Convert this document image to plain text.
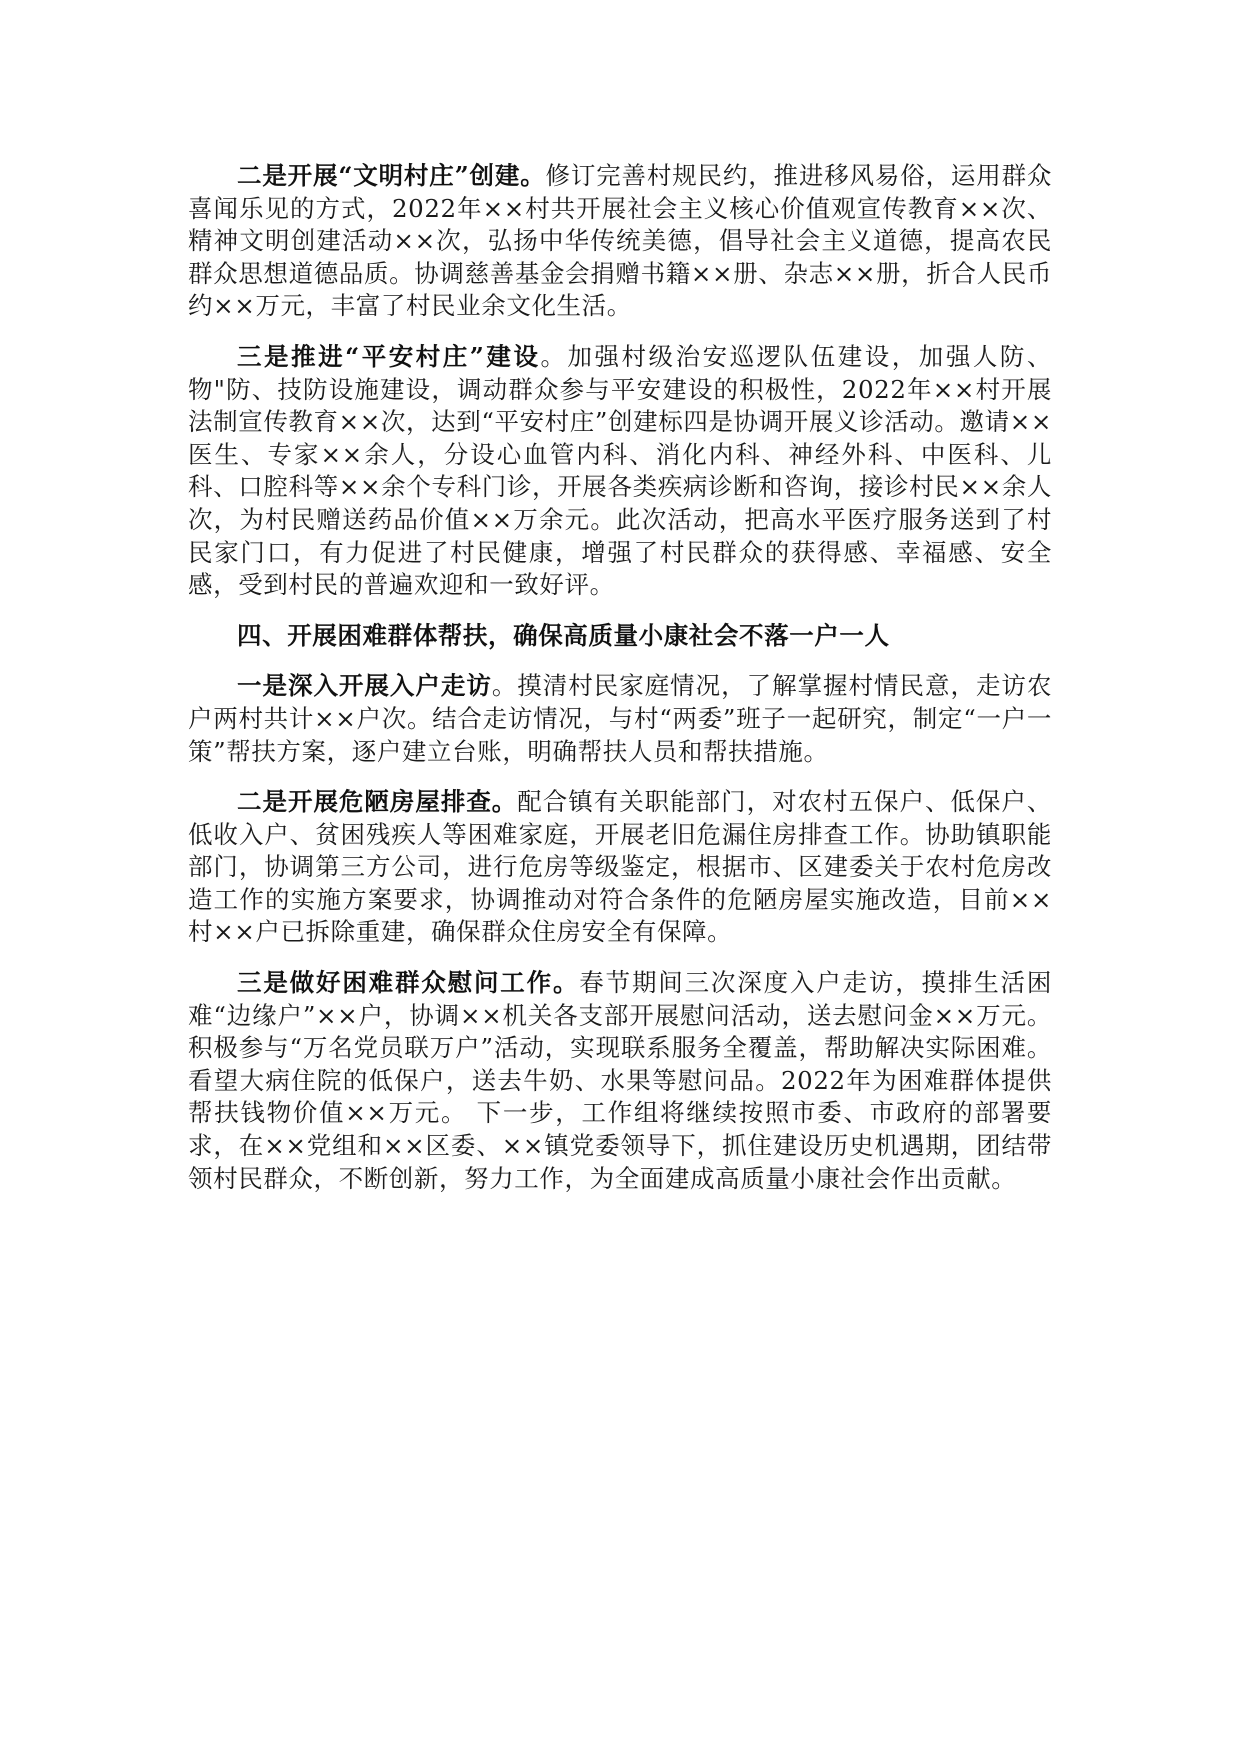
二是开展“文明村庄”创建。修订完善村规民约，推进移风易俗，运用群众喜闻乐见的方式，2022年××村共开展社会主义核心价值观宣传教育××次、精神文明创建活动××次，弘扬中华传统美德，倡导社会主义道德，提高农民群众思想道德品质。协调慈善基金会捐赠书籍××册、杂志××册，折合人民币约××万元，丰富了村民业余文化生活。

三是推进“平安村庄”建设。加强村级治安巡逻队伍建设，加强人防、物"防、技防设施建设，调动群众参与平安建设的积极性，2022年××村开展法制宣传教育××次，达到“平安村庄”创建标四是协调开展义诊活动。邀请××医生、专家××余人，分设心血管内科、消化内科、神经外科、中医科、儿科、口腔科等××余个专科门诊，开展各类疾病诊断和咨询，接诊村民××余人次，为村民赠送药品价值××万余元。此次活动，把高水平医疗服务送到了村民家门口，有力促进了村民健康，增强了村民群众的获得感、幸福感、安全感，受到村民的普遍欢迎和一致好评。

四、开展困难群体帮扶，确保高质量小康社会不落一户一人

一是深入开展入户走访。摸清村民家庭情况，了解掌握村情民意，走访农户两村共计××户次。结合走访情况，与村“两委”班子一起研究，制定“一户一策”帮扶方案，逐户建立台账，明确帮扶人员和帮扶措施。

二是开展危陋房屋排查。配合镇有关职能部门，对农村五保户、低保户、低收入户、贫困残疾人等困难家庭，开展老旧危漏住房排查工作。协助镇职能部门，协调第三方公司，进行危房等级鉴定，根据市、区建委关于农村危房改造工作的实施方案要求，协调推动对符合条件的危陋房屋实施改造，目前××村××户已拆除重建，确保群众住房安全有保障。

三是做好困难群众慰问工作。春节期间三次深度入户走访，摸排生活困难“边缘户”××户，协调××机关各支部开展慰问活动，送去慰问金××万元。积极参与“万名党员联万户”活动，实现联系服务全覆盖，帮助解决实际困难。看望大病住院的低保户，送去牛奶、水果等慰问品。2022年为困难群体提供帮扶钱物价值××万元。 下一步，工作组将继续按照市委、市政府的部署要求，在××党组和××区委、××镇党委领导下，抓住建设历史机遇期，团结带领村民群众，不断创新，努力工作，为全面建成高质量小康社会作出贡献。
